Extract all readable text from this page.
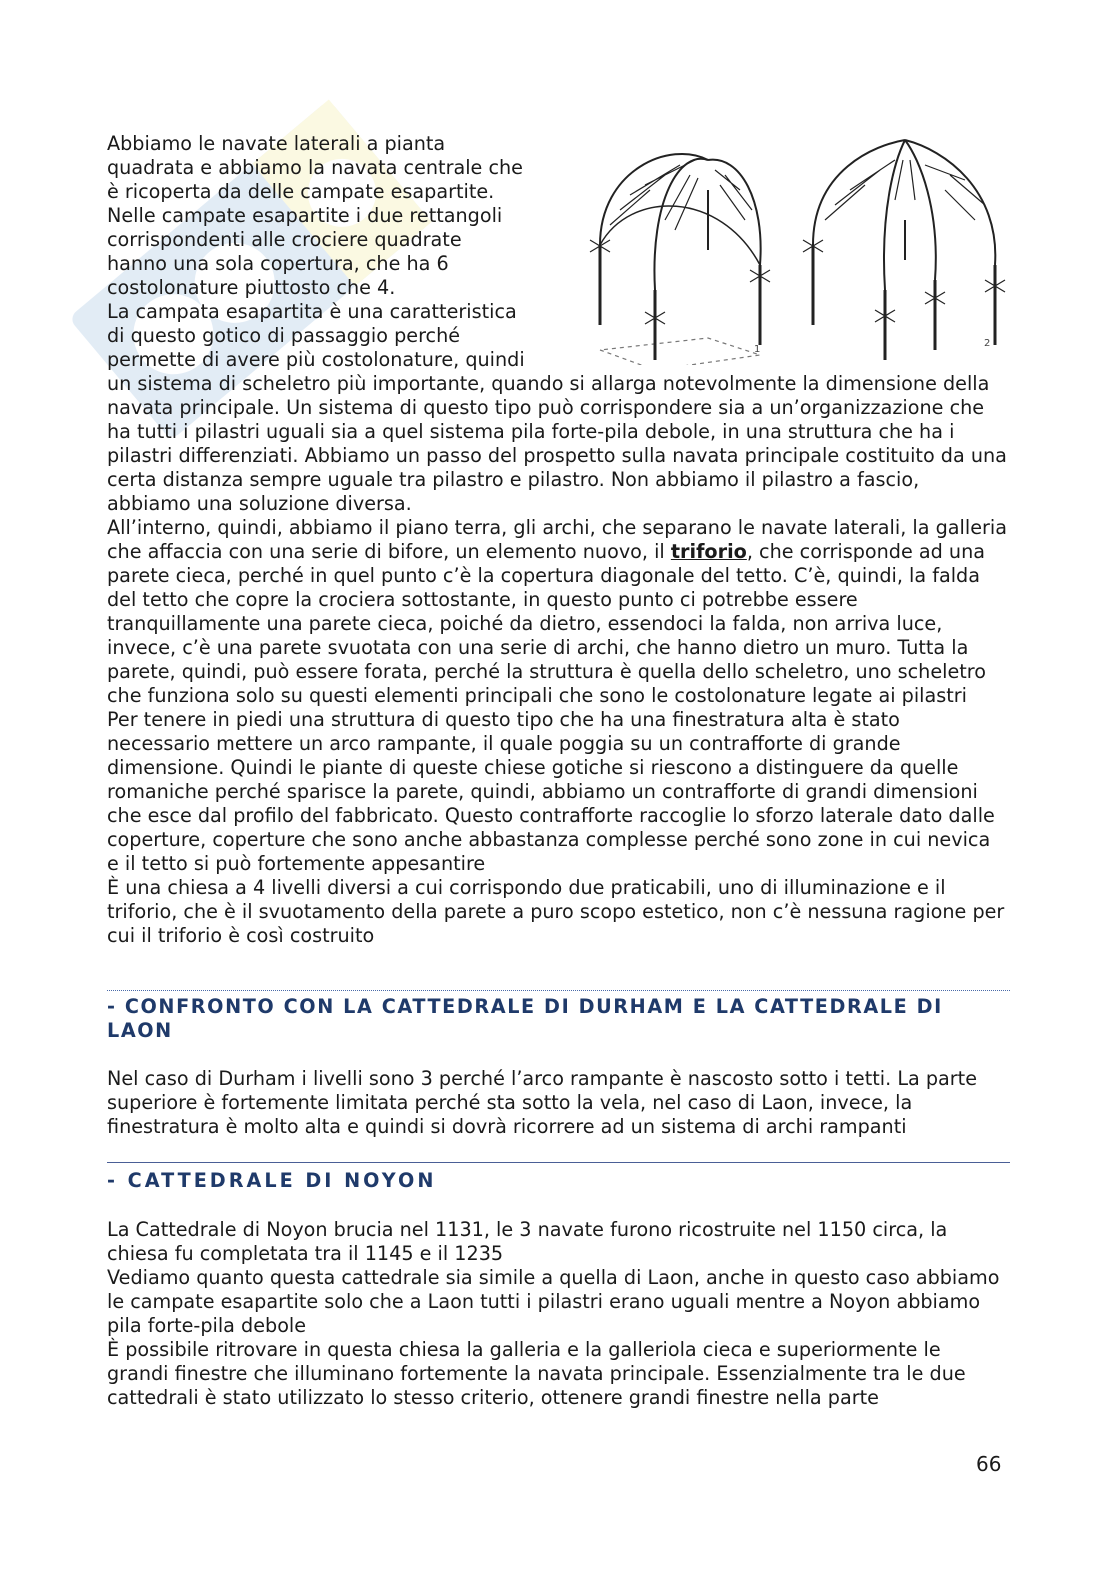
Abbiamo le navate laterali a pianta

quadrata e abbiamo la navata centrale che

è ricoperta da delle campate esapartite.

Nelle campate esapartite i due rettangoli

corrispondenti alle crociere quadrate

hanno una sola copertura, che ha 6

costolonature piuttosto che 4.

La campata esapartita è una caratteristica

di questo gotico di passaggio perché

permette di avere più costolonature, quindi

un sistema di scheletro più importante, quando si allarga notevolmente la dimensione della navata principale. Un sistema di questo tipo può corrispondere sia a un’organizzazione che ha tutti i pilastri uguali sia a quel sistema pila forte-pila debole, in una struttura che ha i pilastri differenziati. Abbiamo un passo del prospetto sulla navata principale costituito da una certa distanza sempre uguale tra pilastro e pilastro. Non abbiamo il pilastro a fascio, abbiamo una soluzione diversa.

All’interno, quindi, abbiamo il piano terra, gli archi, che separano le navate laterali, la galleria che affaccia con una serie di bifore, un elemento nuovo, il triforio, che corrisponde ad una parete cieca, perché in quel punto c’è la copertura diagonale del tetto. C’è, quindi, la falda del tetto che copre la crociera sottostante, in questo punto ci potrebbe essere tranquillamente una parete cieca, poiché da dietro, essendoci la falda, non arriva luce, invece, c’è una parete svuotata con una serie di archi, che hanno dietro un muro. Tutta la parete, quindi, può essere forata, perché la struttura è quella dello scheletro, uno scheletro che funziona solo su questi elementi principali che sono le costolonature legate ai pilastri

Per tenere in piedi una struttura di questo tipo che ha una finestratura alta è stato necessario mettere un arco rampante, il quale poggia su un contrafforte di grande dimensione. Quindi le piante di queste chiese gotiche si riescono a distinguere da quelle romaniche perché sparisce la parete, quindi, abbiamo un contrafforte di grandi dimensioni che esce dal profilo del fabbricato. Questo contrafforte raccoglie lo sforzo laterale dato dalle coperture, coperture che sono anche abbastanza complesse perché sono zone in cui nevica e il tetto si può fortemente appesantire

È una chiesa a 4 livelli diversi a cui corrispondo due praticabili, uno di illuminazione e il triforio, che è il svuotamento della parete a puro scopo estetico, non c’è nessuna ragione per cui il triforio è così costruito

1
2
- CONFRONTO CON LA CATTEDRALE DI DURHAM E LA CATTEDRALE DI
LAON

Nel caso di Durham i livelli sono 3 perché l’arco rampante è nascosto sotto i tetti. La parte superiore è fortemente limitata perché sta sotto la vela, nel caso di Laon, invece, la finestratura è molto alta e quindi si dovrà ricorrere ad un sistema di archi rampanti

- CATTEDRALE DI NOYON

La Cattedrale di Noyon brucia nel 1131, le 3 navate furono ricostruite nel 1150 circa, la chiesa fu completata tra il 1145 e il 1235

Vediamo quanto questa cattedrale sia simile a quella di Laon, anche in questo caso abbiamo le campate esapartite solo che a Laon tutti i pilastri erano uguali mentre a Noyon abbiamo pila forte-pila debole

È possibile ritrovare in questa chiesa la galleria e la galleriola cieca e superiormente le grandi finestre che illuminano fortemente la navata principale. Essenzialmente tra le due cattedrali è stato utilizzato lo stesso criterio, ottenere grandi finestre nella parte

66
